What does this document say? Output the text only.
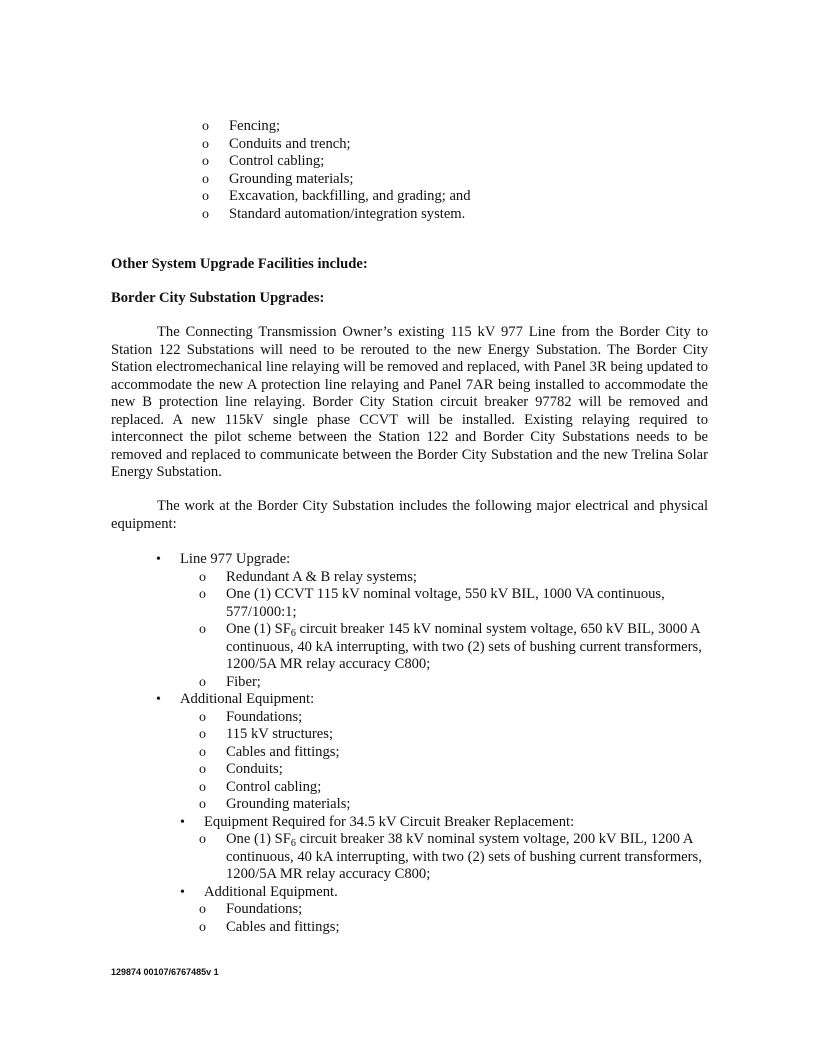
o Fencing;
o Conduits and trench;
o Control cabling;
o Grounding materials;
o Excavation, backfilling, and grading; and
o Standard automation/integration system.
Other System Upgrade Facilities include:
Border City Substation Upgrades:

The Connecting Transmission Owner’s existing 115 kV 977 Line from the Border City to Station 122 Substations will need to be rerouted to the new Energy Substation. The Border City Station electromechanical line relaying will be removed and replaced, with Panel 3R being updated to accommodate the new A protection line relaying and Panel 7AR being installed to accommodate the new B protection line relaying. Border City Station circuit breaker 97782 will be removed and replaced. A new 115kV single phase CCVT will be installed. Existing relaying required to interconnect the pilot scheme between the Station 122 and Border City Substations needs to be removed and replaced to communicate between the Border City Substation and the new Trelina Solar Energy Substation.

The work at the Border City Substation includes the following major electrical and physical equipment:

• Line 977 Upgrade:
o Redundant A & B relay systems;
o One (1) CCVT 115 kV nominal voltage, 550 kV BIL, 1000 VA continuous, 577/1000:1;
o One (1) $SF_6$ circuit breaker 145 kV nominal system voltage, 650 kV BIL, 3000 A continuous, 40 kA interrupting, with two (2) sets of bushing current transformers, 1200/5A MR relay accuracy C800;
o Fiber;
• Additional Equipment:
o Foundations;
o 115 kV structures;
o Cables and fittings;
o Conduits;
o Control cabling;
o Grounding materials;
• Equipment Required for 34.5 kV Circuit Breaker Replacement:
o One (1) $SF_6$ circuit breaker 38 kV nominal system voltage, 200 kV BIL, 1200 A continuous, 40 kA interrupting, with two (2) sets of bushing current transformers, 1200/5A MR relay accuracy C800;
• Additional Equipment.
o Foundations;
o Cables and fittings;
129874 00107/6767485v 1
